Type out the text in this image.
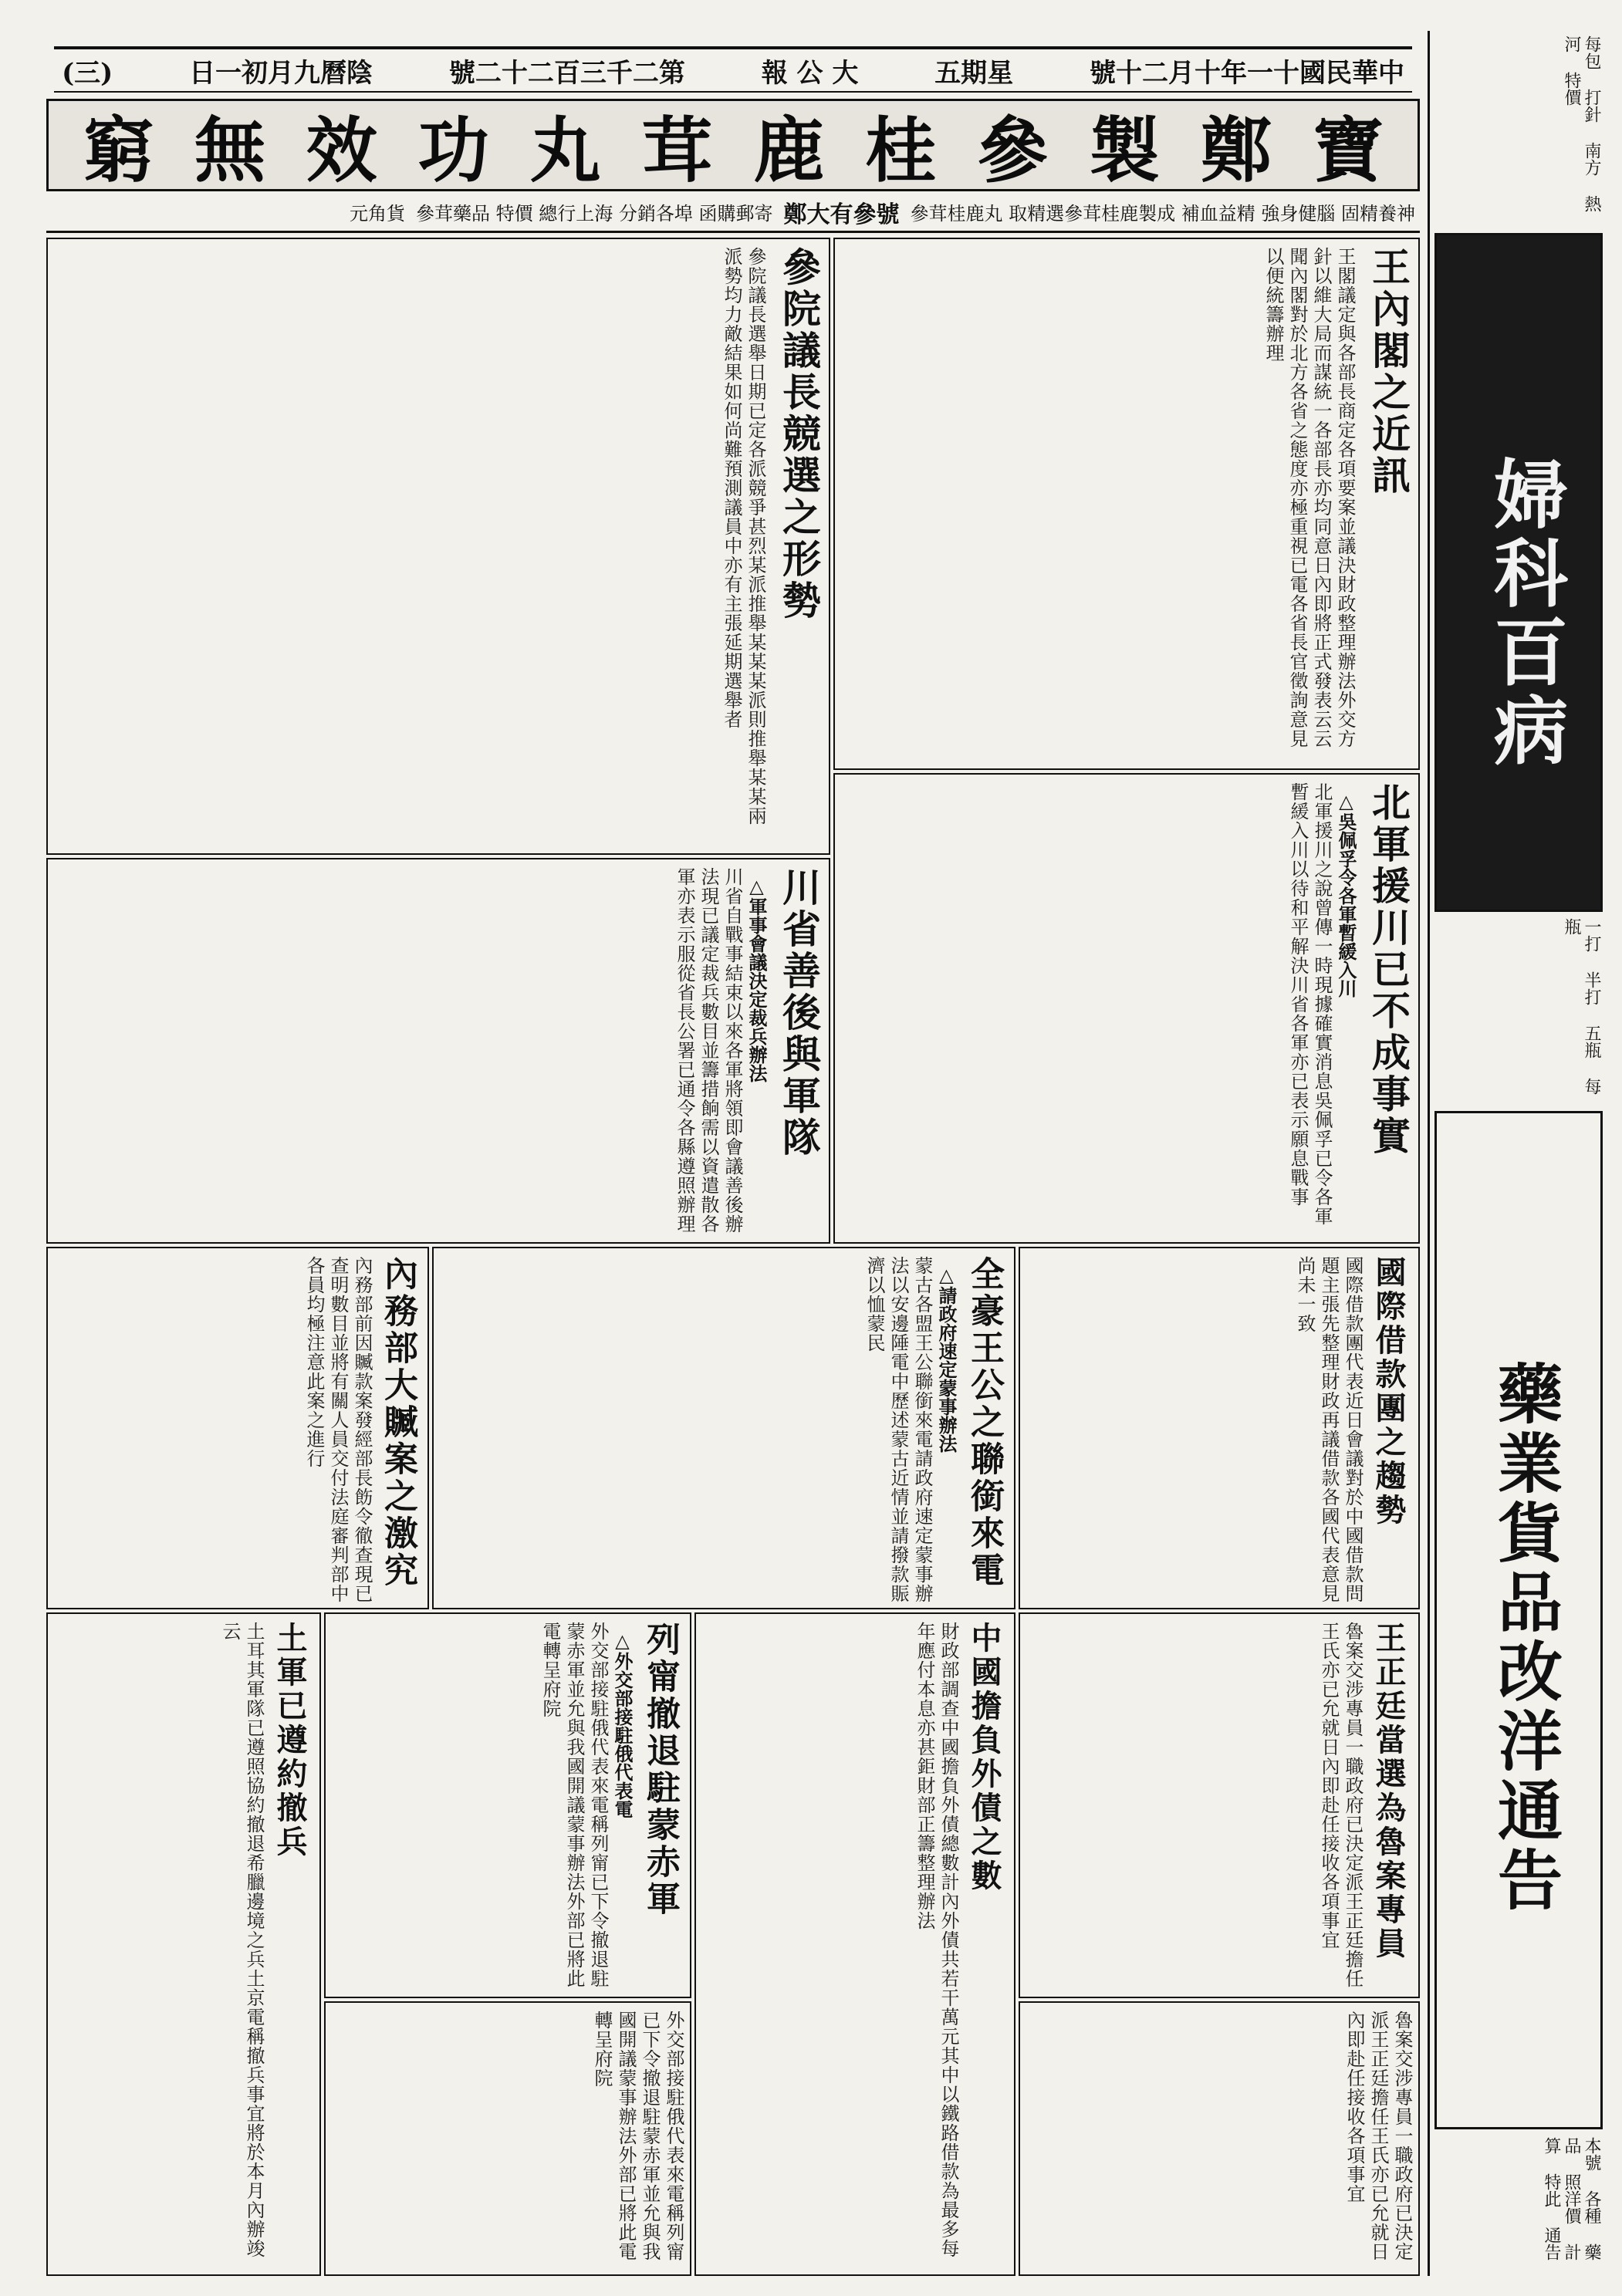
號十二月十年一十國民華中
五期星
報 公 大
號二十二百三千二第
日一初月九曆陰
(三)
寶
鄭
製
參
桂
鹿
茸
丸
功
效
無
窮
參茸桂鹿丸 取精選參茸桂鹿製成 補血益精 強身健腦 固精養神
鄭大有參號
參茸藥品 特價 總行上海 分銷各埠 函購郵寄
元角貨
每包 打針 南方 熱河 特價
婦科百病
一打 半打 五瓶 每瓶
藥業貨品改洋通告
本號 各種 藥品 照洋價 計算 特此 通告
王內閣之近訊
王閣議定與各部長商定各項要案並議決財政整理辦法外交方針以維大局而謀統一各部長亦均同意日內即將正式發表云云聞內閣對於北方各省之態度亦極重視已電各省長官徵詢意見以便統籌辦理
參院議長競選之形勢
參院議長選舉日期已定各派競爭甚烈某派推舉某某某派則推舉某某兩派勢均力敵結果如何尚難預測議員中亦有主張延期選舉者
北軍援川已不成事實
△吳佩孚令各軍暫緩入川
北軍援川之說曾傳一時現據確實消息吳佩孚已令各軍暫緩入川以待和平解決川省各軍亦已表示願息戰事
川省善後與軍隊
△軍事會議決定裁兵辦法
川省自戰事結束以來各軍將領即會議善後辦法現已議定裁兵數目並籌措餉需以資遣散各軍亦表示服從省長公署已通令各縣遵照辦理
國際借款團之趨勢
國際借款團代表近日會議對於中國借款問題主張先整理財政再議借款各國代表意見尚未一致
全豪王公之聯銜來電
△請政府速定蒙事辦法
蒙古各盟王公聯銜來電請政府速定蒙事辦法以安邊陲電中歷述蒙古近情並請撥款賑濟以恤蒙民
內務部大贓案之激究
內務部前因贓款案發經部長飭令徹查現已查明數目並將有關人員交付法庭審判部中各員均極注意此案之進行
王正廷當選為魯案專員
魯案交涉專員一職政府已決定派王正廷擔任王氏亦已允就日內即赴任接收各項事宜
中國擔負外債之數
財政部調查中國擔負外債總數計內外債共若干萬元其中以鐵路借款為最多每年應付本息亦甚鉅財部正籌整理辦法
列甯撤退駐蒙赤軍
△外交部接駐俄代表電
外交部接駐俄代表來電稱列甯已下令撤退駐蒙赤軍並允與我國開議蒙事辦法外部已將此電轉呈府院
土軍已遵約撤兵
土耳其軍隊已遵照協約撤退希臘邊境之兵土京電稱撤兵事宜將於本月內辦竣云
外交部接駐俄代表來電稱列甯已下令撤退駐蒙赤軍並允與我國開議蒙事辦法外部已將此電轉呈府院	魯案交涉專員一職政府已決定派王正廷擔任王氏亦已允就日內即赴任接收各項事宜
